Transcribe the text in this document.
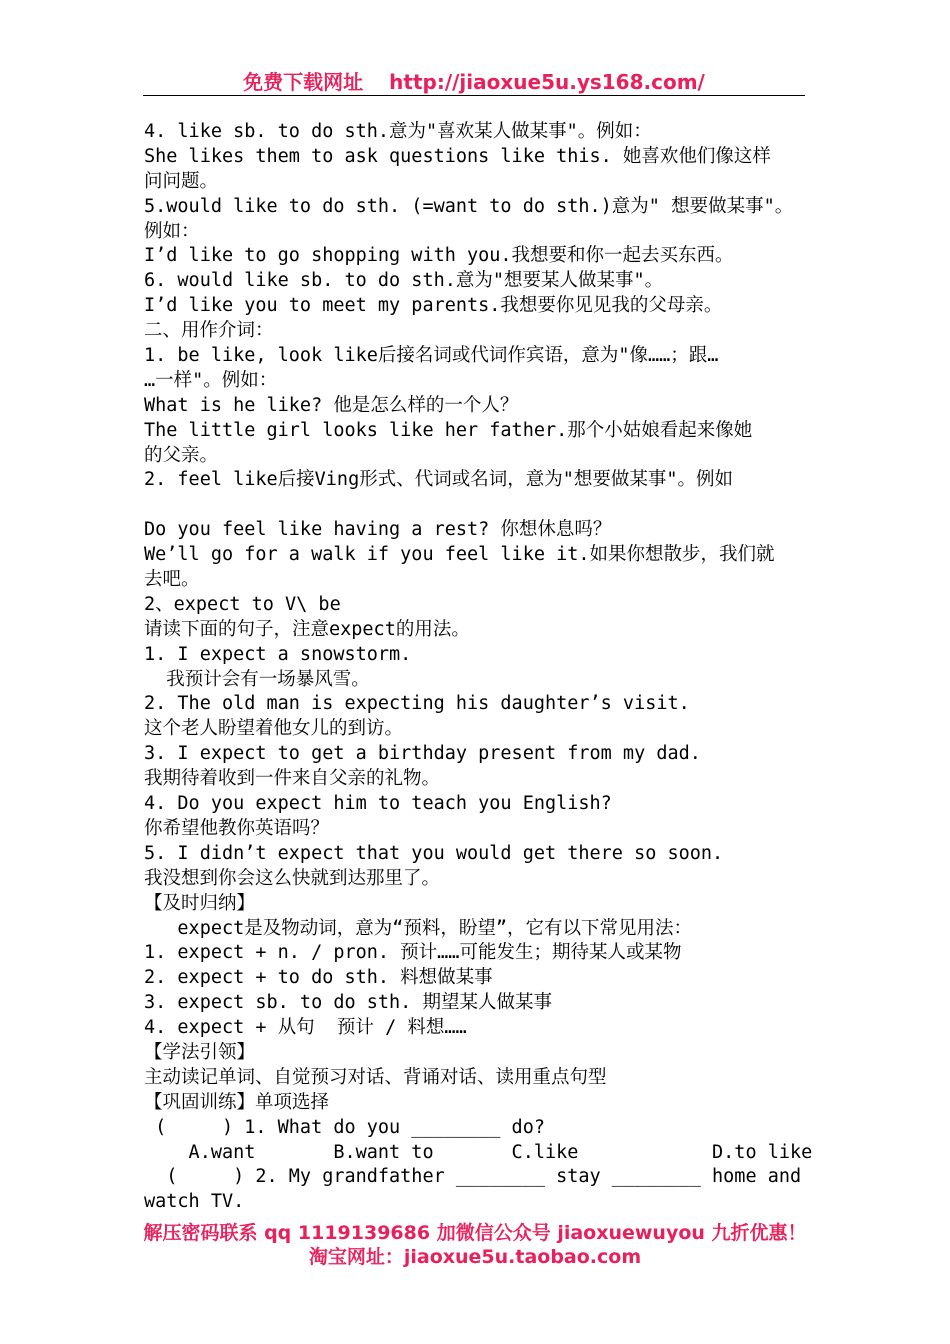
免费下载网址 http://jiaoxue5u.ys168.com/
4. like sb. to do sth.意为"喜欢某人做某事"。例如：
She likes them to ask questions like this. 她喜欢他们像这样
问问题。
5.would like to do sth. (=want to do sth.)意为" 想要做某事"。
例如：
I’d like to go shopping with you.我想要和你一起去买东西。
6. would like sb. to do sth.意为"想要某人做某事"。
I’d like you to meet my parents.我想要你见见我的父母亲。
二、用作介词：
1. be like, look like后接名词或代词作宾语，意为"像……；跟…
…一样"。例如：
What is he like? 他是怎么样的一个人？
The little girl looks like her father.那个小姑娘看起来像她
的父亲。
2. feel like后接Ving形式、代词或名词，意为"想要做某事"。例如
Do you feel like having a rest? 你想休息吗？
We’ll go for a walk if you feel like it.如果你想散步，我们就
去吧。
2、expect to V\ be
请读下面的句子，注意expect的用法。
1. I expect a snowstorm.
我预计会有一场暴风雪。
2. The old man is expecting his daughter’s visit.
这个老人盼望着他女儿的到访。
3. I expect to get a birthday present from my dad.
我期待着收到一件来自父亲的礼物。
4. Do you expect him to teach you English?
你希望他教你英语吗？
5. I didn’t expect that you would get there so soon.
我没想到你会这么快就到达那里了。
【及时归纳】
expect是及物动词，意为“预料，盼望”，它有以下常见用法：
1. expect + n. / pron. 预计……可能发生；期待某人或某物
2. expect + to do sth. 料想做某事
3. expect sb. to do sth. 期望某人做某事
4. expect + 从句  预计 / 料想……
【学法引领】
主动读记单词、自觉预习对话、背诵对话、读用重点句型
【巩固训练】单项选择
(     ) 1. What do you ________ do?
A.want       B.want to       C.like            D.to like
(     ) 2. My grandfather ________ stay ________ home and
watch TV.
解压密码联系 qq 1119139686 加微信公众号 jiaoxuewuyou 九折优惠！
淘宝网址：jiaoxue5u.taobao.com
